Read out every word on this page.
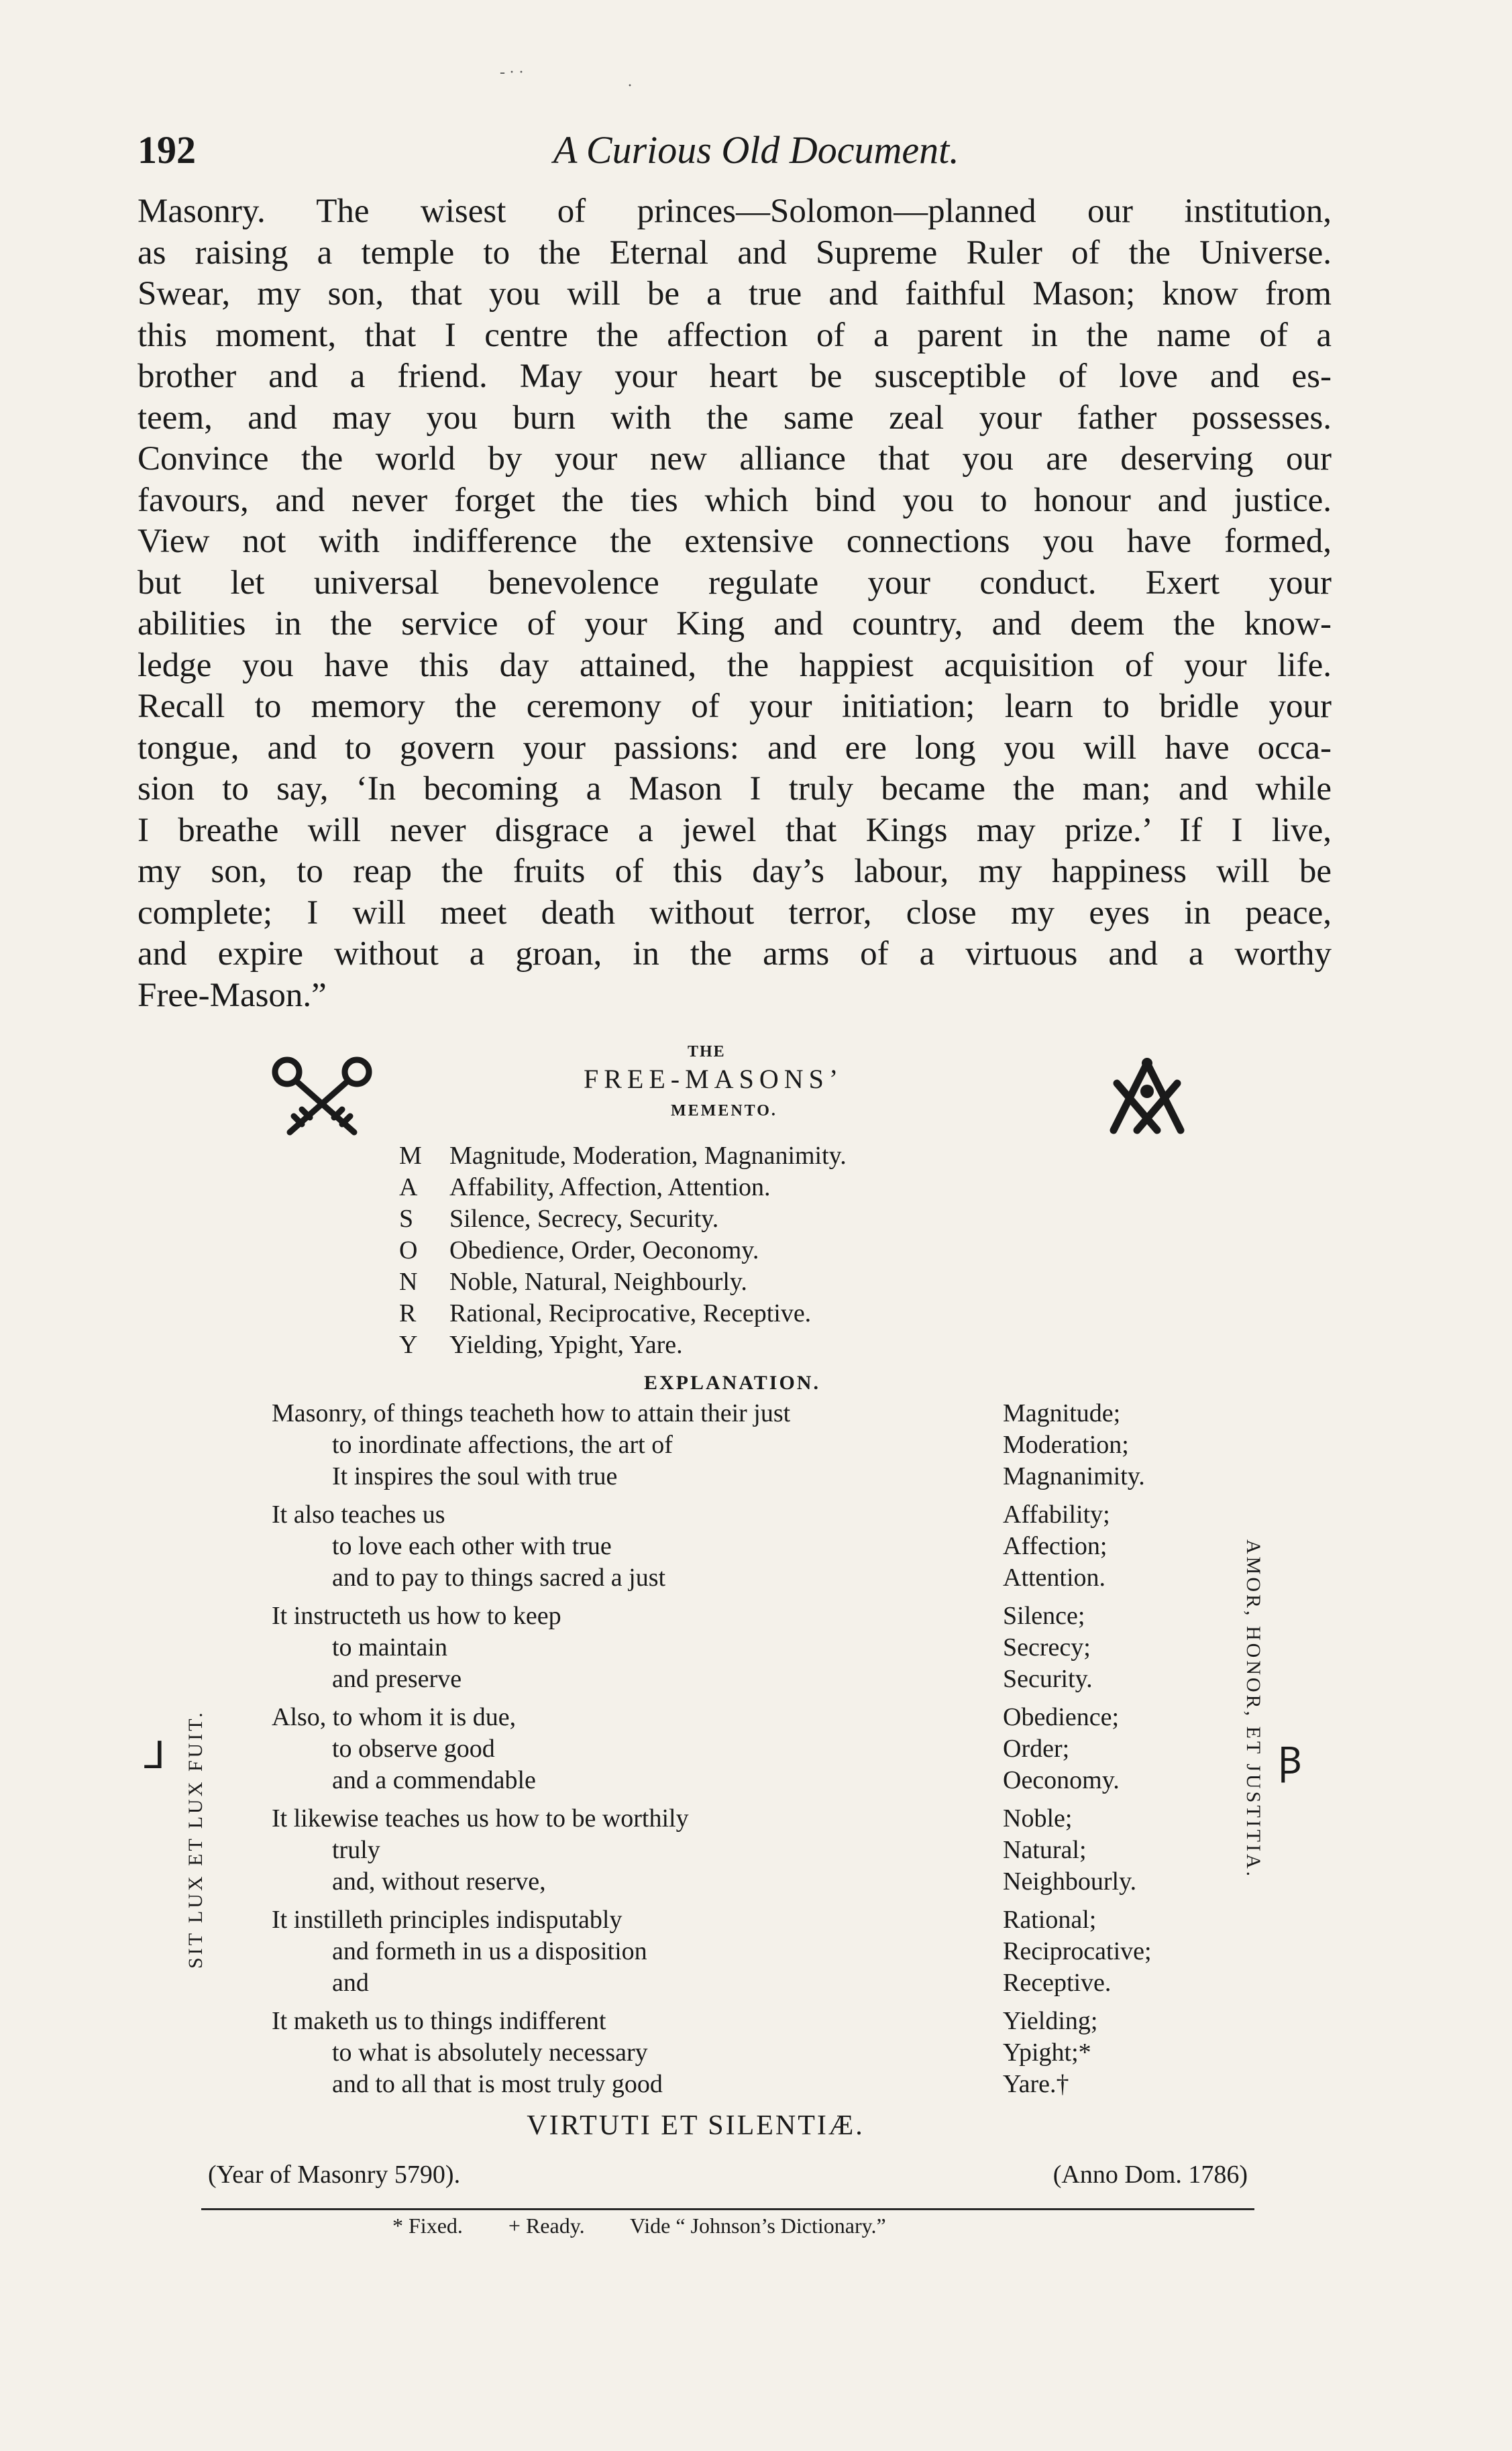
- · ·
·
192	A Curious Old Document.
Masonry. The wisest of princes—Solomon—planned our institution,
as raising a temple to the Eternal and Supreme Ruler of the Universe.
Swear, my son, that you will be a true and faithful Mason; know from
this moment, that I centre the affection of a parent in the name of a
brother and a friend. May your heart be susceptible of love and es-
teem, and may you burn with the same zeal your father possesses.
Convince the world by your new alliance that you are deserving our
favours, and never forget the ties which bind you to honour and justice.
View not with indifference the extensive connections you have formed,
but let universal benevolence regulate your conduct. Exert your
abilities in the service of your King and country, and deem the know-
ledge you have this day attained, the happiest acquisition of your life.
Recall to memory the ceremony of your initiation; learn to bridle your
tongue, and to govern your passions: and ere long you will have occa-
sion to say, ‘In becoming a Mason I truly became the man; and while
I breathe will never disgrace a jewel that Kings may prize.’ If I live,
my son, to reap the fruits of this day’s labour, my happiness will be
complete; I will meet death without terror, close my eyes in peace,
and expire without a groan, in the arms of a virtuous and a worthy
Free-Mason.”
THE
FREE-MASONS’
MEMENTO.
M	Magnitude, Moderation, Magnanimity.
A	Affability, Affection, Attention.
S	Silence, Secrecy, Security.
O	Obedience, Order, Oeconomy.
N	Noble, Natural, Neighbourly.
R	Rational, Reciprocative, Receptive.
Y	Yielding, Ypight, Yare.
EXPLANATION.
Masonry, of things teacheth how to attain their just	Magnitude;
to inordinate affections, the art of	Moderation;
It inspires the soul with true	Magnanimity.
It also teaches us	Affability;
to love each other with true	Affection;
and to pay to things sacred a just	Attention.
It instructeth us how to keep	Silence;
to maintain	Secrecy;
and preserve	Security.
Also, to whom it is due,	Obedience;
to observe good	Order;
and a commendable	Oeconomy.
It likewise teaches us how to be worthily	Noble;
truly	Natural;
and, without reserve,	Neighbourly.
It instilleth principles indisputably	Rational;
and formeth in us a disposition	Reciprocative;
and	Receptive.
It maketh us to things indifferent	Yielding;
to what is absolutely necessary	Ypight;*
and to all that is most truly good	Yare.†
SIT LUX ET LUX FUIT.	AMOR, HONOR, ET JUSTITIA.
⅃	Ꞵ
VIRTUTI ET SILENTIÆ.
(Year of Masonry 5790).	(Anno Dom. 1786)
* Fixed. + Ready. Vide “ Johnson’s Dictionary.”
